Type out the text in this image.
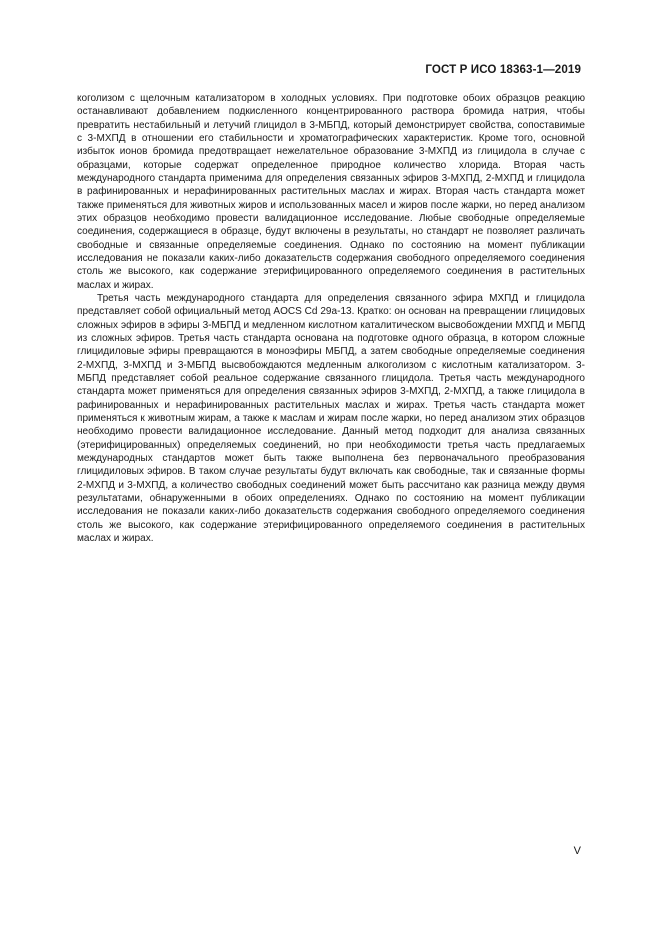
ГОСТ Р ИСО 18363-1—2019

коголизом с щелочным катализатором в холодных условиях. При подготовке обоих образцов реакцию останавливают добавлением подкисленного концентрированного раствора бромида натрия, чтобы превратить нестабильный и летучий глицидол в 3-МБПД, который демонстрирует свойства, сопоставимые с 3-МХПД в отношении его стабильности и хроматографических характеристик. Кроме того, основной избыток ионов бромида предотвращает нежелательное образование 3-МХПД из глицидола в случае с образцами, которые содержат определенное природное количество хлорида. Вторая часть международного стандарта применима для определения связанных эфиров 3-МХПД, 2-МХПД и глицидола в рафинированных и нерафинированных растительных маслах и жирах. Вторая часть стандарта может также применяться для животных жиров и использованных масел и жиров после жарки, но перед анализом этих образцов необходимо провести валидационное исследование. Любые свободные определяемые соединения, содержащиеся в образце, будут включены в результаты, но стандарт не позволяет различать свободные и связанные определяемые соединения. Однако по состоянию на момент публикации исследования не показали каких-либо доказательств содержания свободного определяемого соединения столь же высокого, как содержание этерифицированного определяемого соединения в растительных маслах и жирах.

Третья часть международного стандарта для определения связанного эфира МХПД и глицидола представляет собой официальный метод AOCS Cd 29a-13. Кратко: он основан на превращении глицидовых сложных эфиров в эфиры 3-МБПД и медленном кислотном каталитическом высвобождении МХПД и МБПД из сложных эфиров. Третья часть стандарта основана на подготовке одного образца, в котором сложные глицидиловые эфиры превращаются в моноэфиры МБПД, а затем свободные определяемые соединения 2-МХПД, 3-МХПД и 3-МБПД высвобождаются медленным алкоголизом с кислотным катализатором. 3-МБПД представляет собой реальное содержание связанного глицидола. Третья часть международного стандарта может применяться для определения связанных эфиров 3-МХПД, 2-МХПД, а также глицидола в рафинированных и нерафинированных растительных маслах и жирах. Третья часть стандарта может применяться к животным жирам, а также к маслам и жирам после жарки, но перед анализом этих образцов необходимо провести валидационное исследование. Данный метод подходит для анализа связанных (этерифицированных) определяемых соединений, но при необходимости третья часть предлагаемых международных стандартов может быть также выполнена без первоначального преобразования глицидиловых эфиров. В таком случае результаты будут включать как свободные, так и связанные формы 2-МХПД и 3-МХПД, а количество свободных соединений может быть рассчитано как разница между двумя результатами, обнаруженными в обоих определениях. Однако по состоянию на момент публикации исследования не показали каких-либо доказательств содержания свободного определяемого соединения столь же высокого, как содержание этерифицированного определяемого соединения в растительных маслах и жирах.

V
